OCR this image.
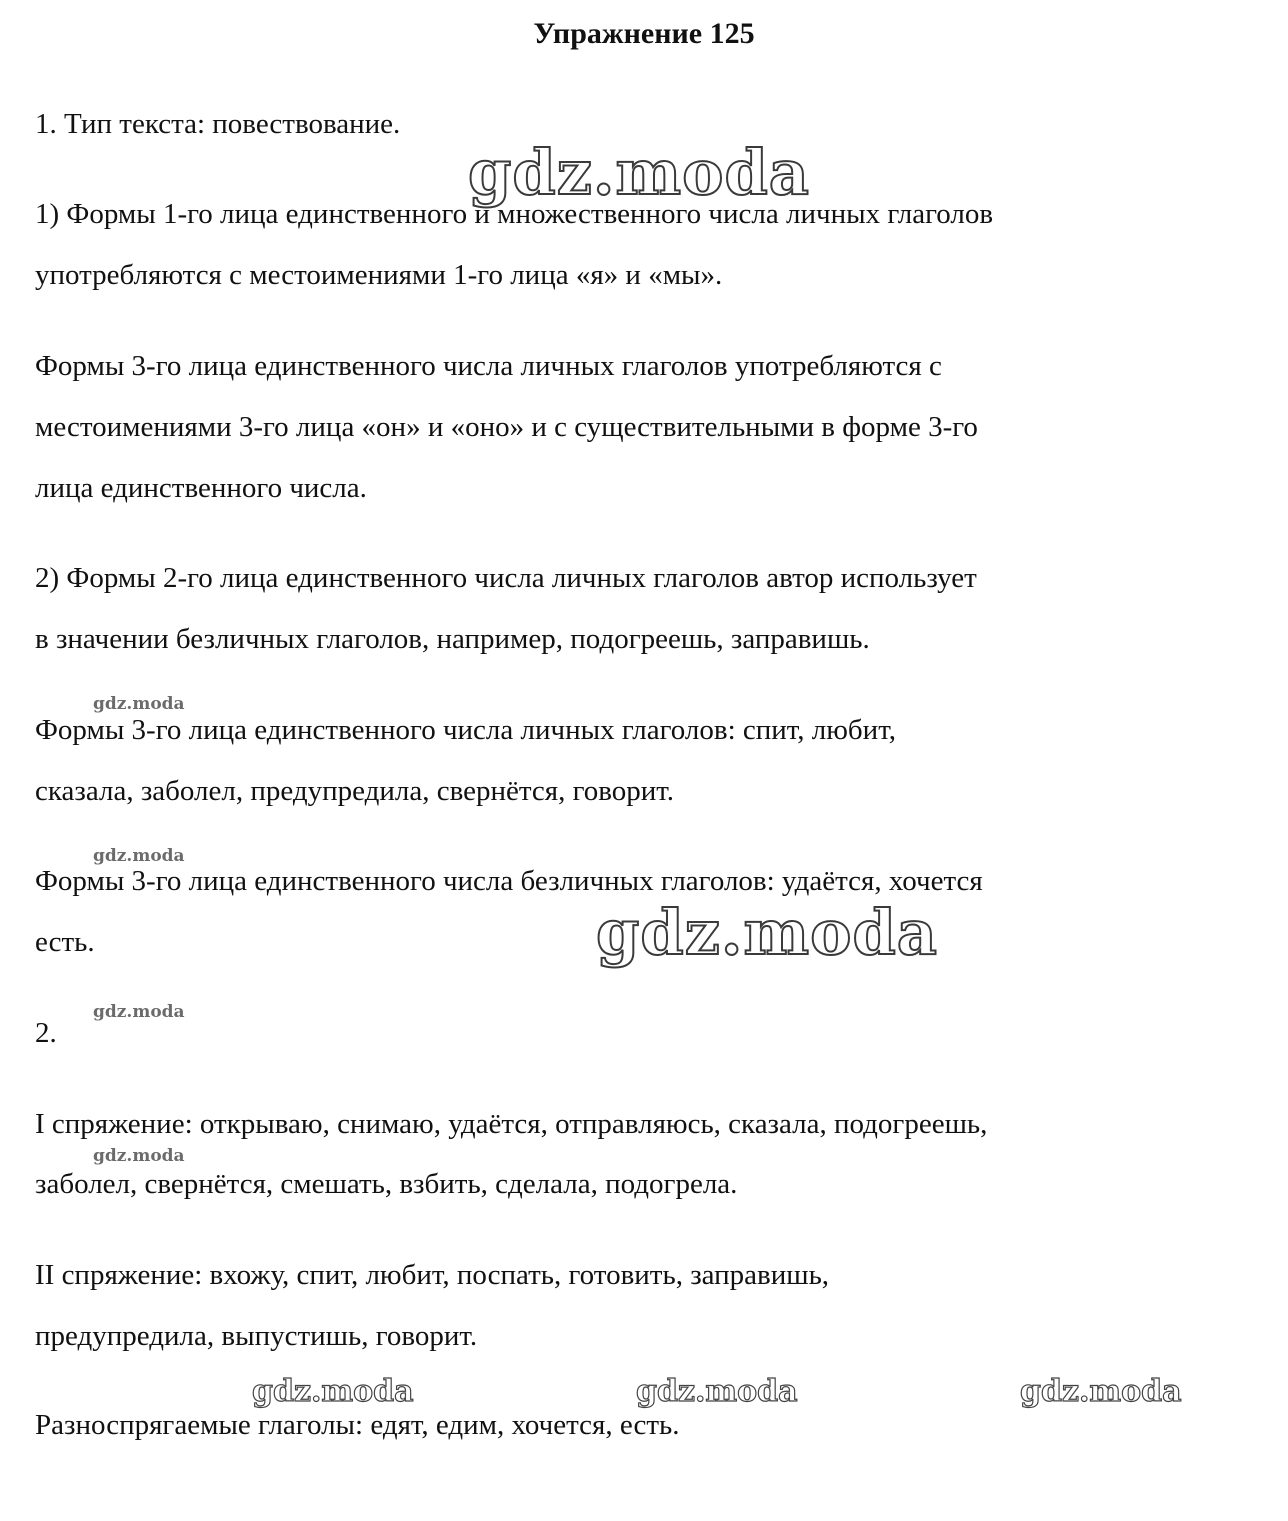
Упражнение 125
gdz.moda
gdz.moda
gdz.moda
gdz.moda
gdz.moda
gdz.moda
gdz.moda	gdz.moda	gdz.moda
1. Тип текста: повествование.
1) Формы 1-го лица единственного и множественного числа личных глаголов
употребляются с местоимениями 1-го лица «я» и «мы».
Формы 3-го лица единственного числа личных глаголов употребляются с
местоимениями 3-го лица «он» и «оно» и с существительными в форме 3-го
лица единственного числа.
2) Формы 2-го лица единственного числа личных глаголов автор использует
в значении безличных глаголов, например, подогреешь, заправишь.
Формы 3-го лица единственного числа личных глаголов: спит, любит,
сказала, заболел, предупредила, свернётся, говорит.
Формы 3-го лица единственного числа безличных глаголов: удаётся, хочется
есть.
2.
I спряжение: открываю, снимаю, удаётся, отправляюсь, сказала, подогреешь,
заболел, свернётся, смешать, взбить, сделала, подогрела.
II спряжение: вхожу, спит, любит, поспать, готовить, заправишь,
предупредила, выпустишь, говорит.
Разноспрягаемые глаголы: едят, едим, хочется, есть.
